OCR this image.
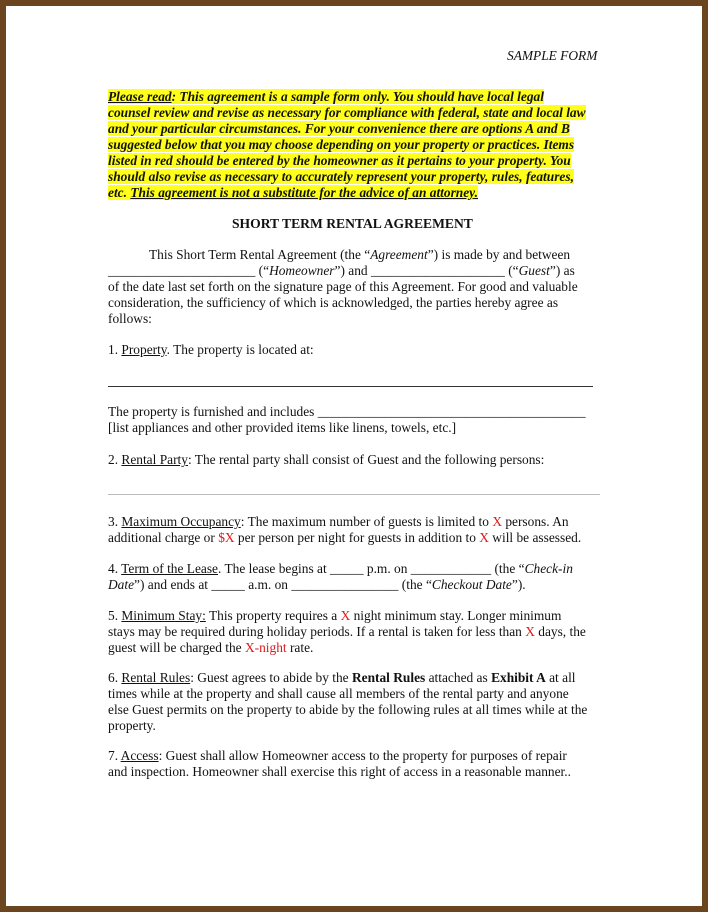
SAMPLE FORM
Please read: This agreement is a sample form only. You should have local legal
counsel review and revise as necessary for compliance with federal, state and local law
and your particular circumstances. For your convenience there are options A and B
suggested below that you may choose depending on your property or practices. Items
listed in red should be entered by the homeowner as it pertains to your property. You
should also revise as necessary to accurately represent your property, rules, features,
etc. This agreement is not a substitute for the advice of an attorney.
SHORT TERM RENTAL AGREEMENT
This Short Term Rental Agreement (the “Agreement”) is made by and between
______________________ (“Homeowner”) and ____________________ (“Guest”) as
of the date last set forth on the signature page of this Agreement. For good and valuable
consideration, the sufficiency of which is acknowledged, the parties hereby agree as
follows:
1. Property. The property is located at:
The property is furnished and includes ________________________________________
[list appliances and other provided items like linens, towels, etc.]
2. Rental Party: The rental party shall consist of Guest and the following persons:
3. Maximum Occupancy: The maximum number of guests is limited to X persons. An
additional charge or $X per person per night for guests in addition to X will be assessed.
4. Term of the Lease. The lease begins at _____ p.m. on ____________ (the “Check-in
Date”) and ends at _____ a.m. on ________________ (the “Checkout Date”).
5. Minimum Stay: This property requires a X night minimum stay. Longer minimum
stays may be required during holiday periods. If a rental is taken for less than X days, the
guest will be charged the X-night rate.
6. Rental Rules: Guest agrees to abide by the Rental Rules attached as Exhibit A at all
times while at the property and shall cause all members of the rental party and anyone
else Guest permits on the property to abide by the following rules at all times while at the
property.
7. Access: Guest shall allow Homeowner access to the property for purposes of repair
and inspection. Homeowner shall exercise this right of access in a reasonable manner..
